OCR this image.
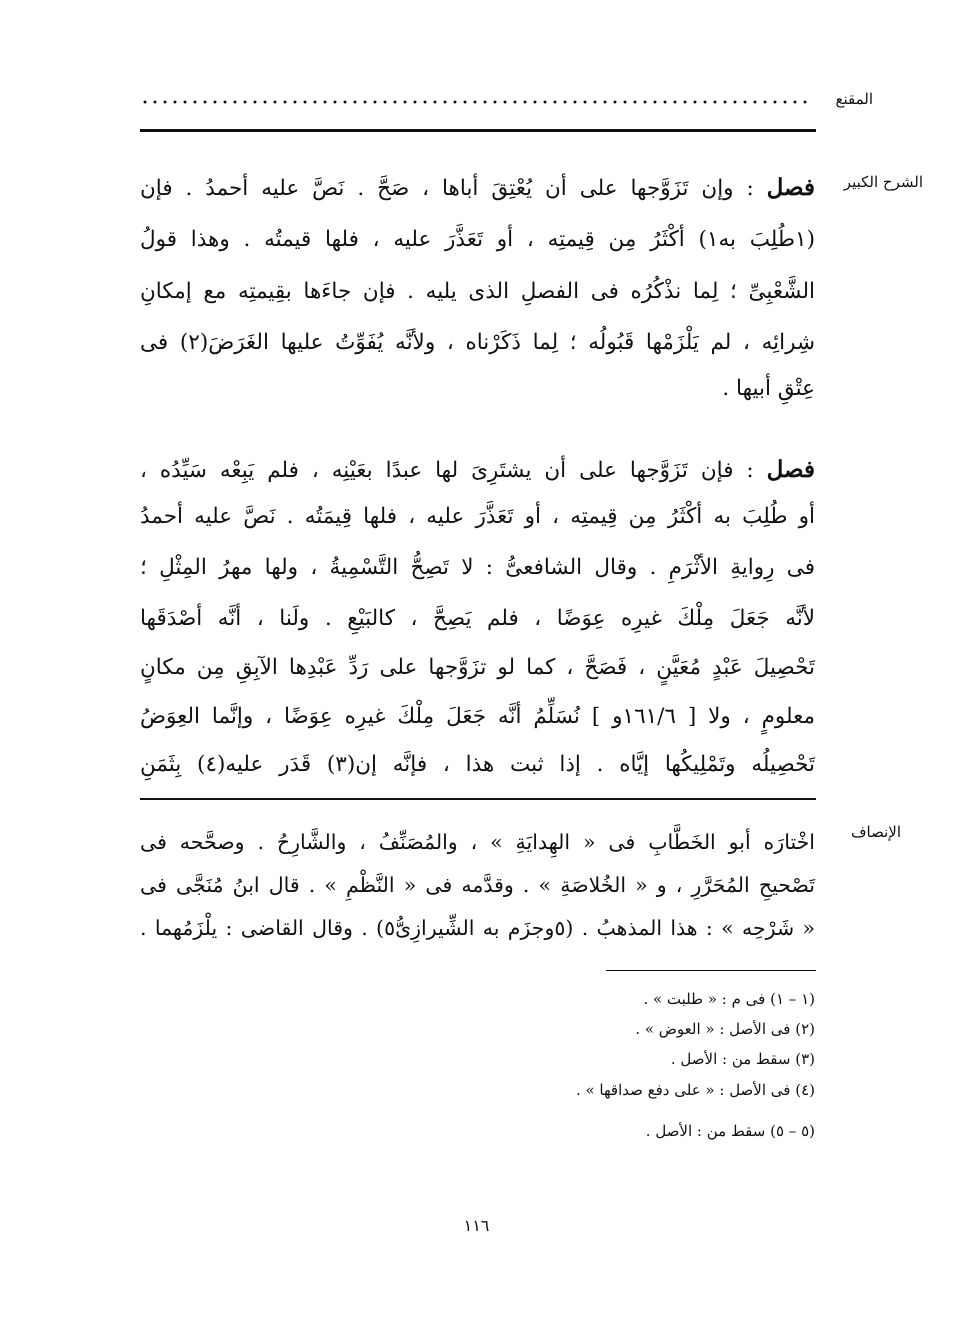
المقنع
الشرح الكبير
الإنصاف
فصل : وإن تَزَوَّجها على أن يُعْتِقَ أباها ، صَحَّ . نَصَّ عليه أحمدُ . فإن
(١طُلِبَ به١) أكْثَرُ مِن قِيمتِه ، أو تَعَذَّرَ عليه ، فلها قيمتُه . وهذا قولُ
الشَّعْبِىِّ ؛ لِما نذْكُرُه فى الفصلِ الذى يليه . فإن جاءَها بقِيمتِه مع إمكانِ
شِرائِه ، لم يَلْزَمْها قَبُولُه ؛ لِما ذَكَرْناه ، ولأنَّه يُفَوِّتُ عليها الغَرَضَ(٢) فى
عِتْقِ أبيها .
فصل : فإن تَزَوَّجها على أن يشتَرِىَ لها عبدًا بعَيْنِه ، فلم يَبِعْه سَيِّدُه ،
أو طُلِبَ به أكْثَرُ مِن قِيمتِه ، أو تَعَذَّرَ عليه ، فلها قِيمَتُه . نَصَّ عليه أحمدُ
فى رِوايةِ الأثْرَمِ . وقال الشافعىُّ : لا تَصِحُّ التَّسْمِيةُ ، ولها مهرُ المِثْلِ ؛
لأنَّه جَعَلَ مِلْكَ غيرِه عِوَضًا ، فلم يَصِحَّ ، كالبَيْعِ . ولَنا ، أنَّه أصْدَقَها
تَحْصِيلَ عَبْدٍ مُعَيَّنٍ ، فَصَحَّ ، كما لو تزَوَّجها على رَدِّ عَبْدِها الآبِقِ مِن مكانٍ
معلومٍ ، ولا [ ١٦١/٦و ] نُسَلِّمُ أنَّه جَعَلَ مِلْكَ غيرِه عِوَضًا ، وإنَّما العِوَضُ
تَحْصِيلُه وتَمْلِيكُها إيَّاه . إذا ثبت هذا ، فإنَّه إن(٣) قَدَر عليه(٤) بِثَمَنِ
اخْتارَه أبو الخَطَّابِ فى « الهِدايَةِ » ، والمُصَنِّفُ ، والشَّارِحُ . وصحَّحه فى
تَصْحيحِ المُحَرَّرِ ، و « الخُلاصَةِ » . وقدَّمه فى « النَّظْمِ » . قال ابنُ مُنَجَّى فى
« شَرْحِه » : هذا المذهبُ . (٥وجزَم به الشِّيرازِىُّ٥) . وقال القاضى : يلْزَمُهما .
(١ – ١) فى م : « طلبت » .
(٢) فى الأصل : « العوض » .
(٣) سقط من : الأصل .
(٤) فى الأصل : « على دفع صداقها » .
(٥ – ٥) سقط من : الأصل .
١١٦
